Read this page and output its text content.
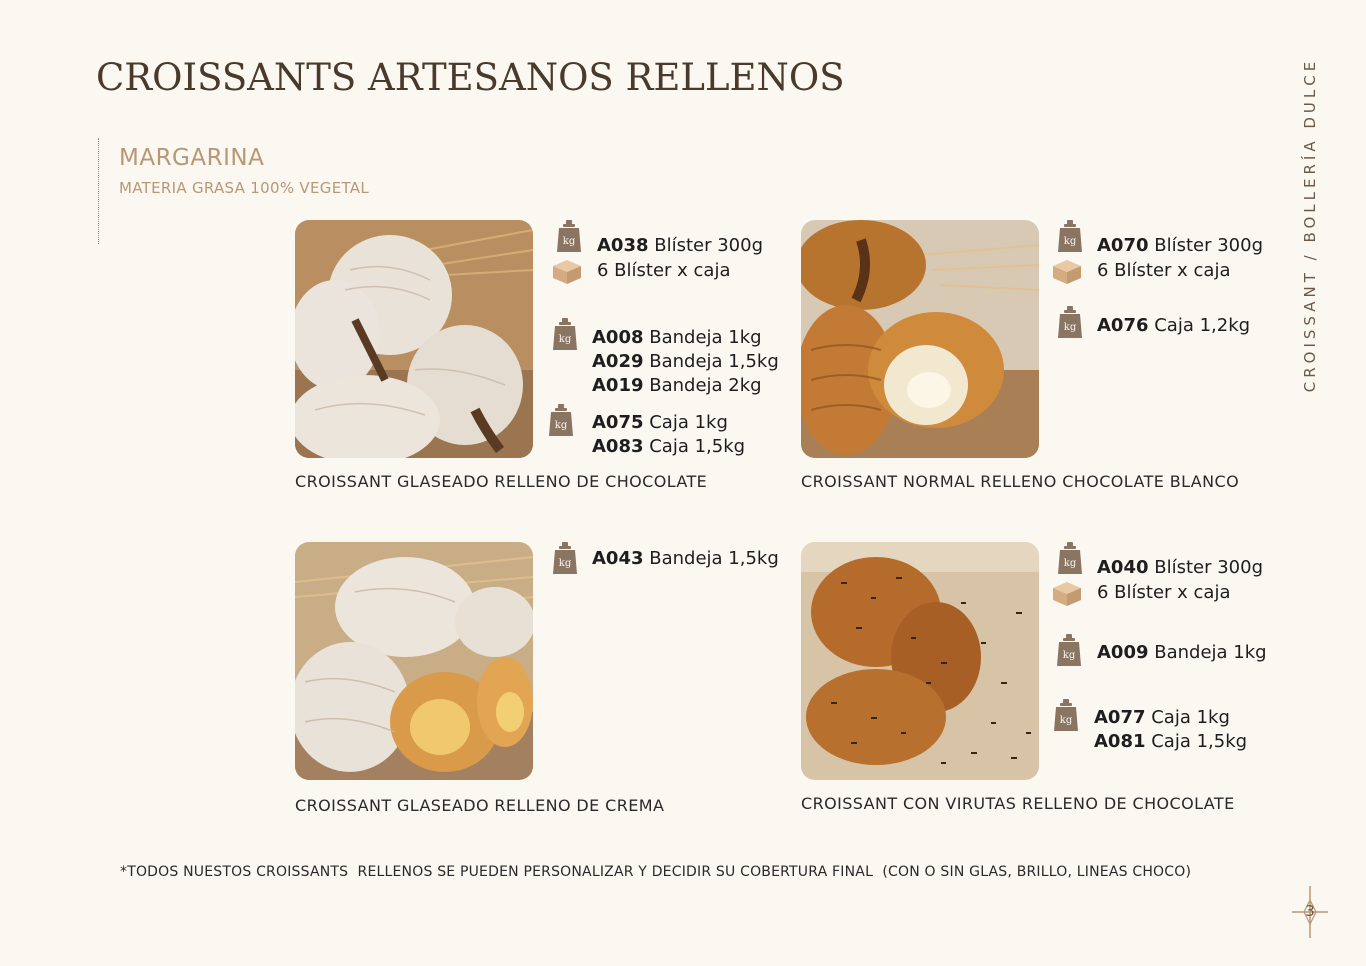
CROISSANTS ARTESANOS RELLENOS
MARGARINA
MATERIA GRASA 100% VEGETAL	CROISSANT / BOLLERÍA DULCE
CROISSANT GLASEADO RELLENO DE CHOCOLATE
A038 Blíster 300g
6 Blíster x caja
A008 Bandeja 1kg
A029 Bandeja 1,5kg
A019 Bandeja 2kg
A075 Caja 1kg
A083 Caja 1,5kg
CROISSANT NORMAL RELLENO CHOCOLATE BLANCO
A070 Blíster 300g
6 Blíster x caja
A076 Caja 1,2kg
CROISSANT GLASEADO RELLENO DE CREMA
A043 Bandeja 1,5kg
CROISSANT CON VIRUTAS RELLENO DE CHOCOLATE
A040 Blíster 300g
6 Blíster x caja
A009 Bandeja 1kg
A077 Caja 1kg
A081 Caja 1,5kg
*TODOS NUESTOS CROISSANTS  RELLENOS SE PUEDEN PERSONALIZAR Y DECIDIR SU COBERTURA FINAL  (CON O SIN GLAS, BRILLO, LINEAS CHOCO)
3
